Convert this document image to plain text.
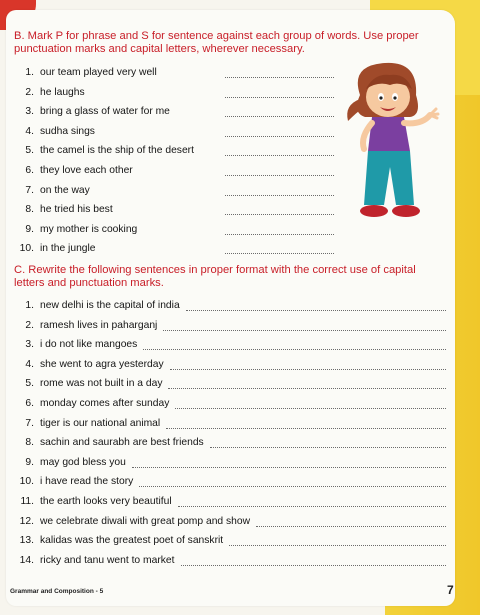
B. Mark P for phrase and S for sentence against each group of words. Use proper punctuation marks and capital letters, wherever necessary.
1. our team played very well
2. he laughs
3. bring a glass of water for me
4. sudha sings
5. the camel is the ship of the desert
6. they love each other
7. on the way
8. he tried his best
9. my mother is cooking
10. in the jungle
C. Rewrite the following sentences in proper format with the correct use of capital letters and punctuation marks.
1. new delhi is the capital of india
2. ramesh lives in paharganj
3. i do not like mangoes
4. she went to agra yesterday
5. rome was not built in a day
6. monday comes after sunday
7. tiger is our national animal
8. sachin and saurabh are best friends
9. may god bless you
10. i have read the story
11. the earth looks very beautiful
12. we celebrate diwali with great pomp and show
13. kalidas was the greatest poet of sanskrit
14. ricky and tanu went to market
Grammar and Composition - 5	7
